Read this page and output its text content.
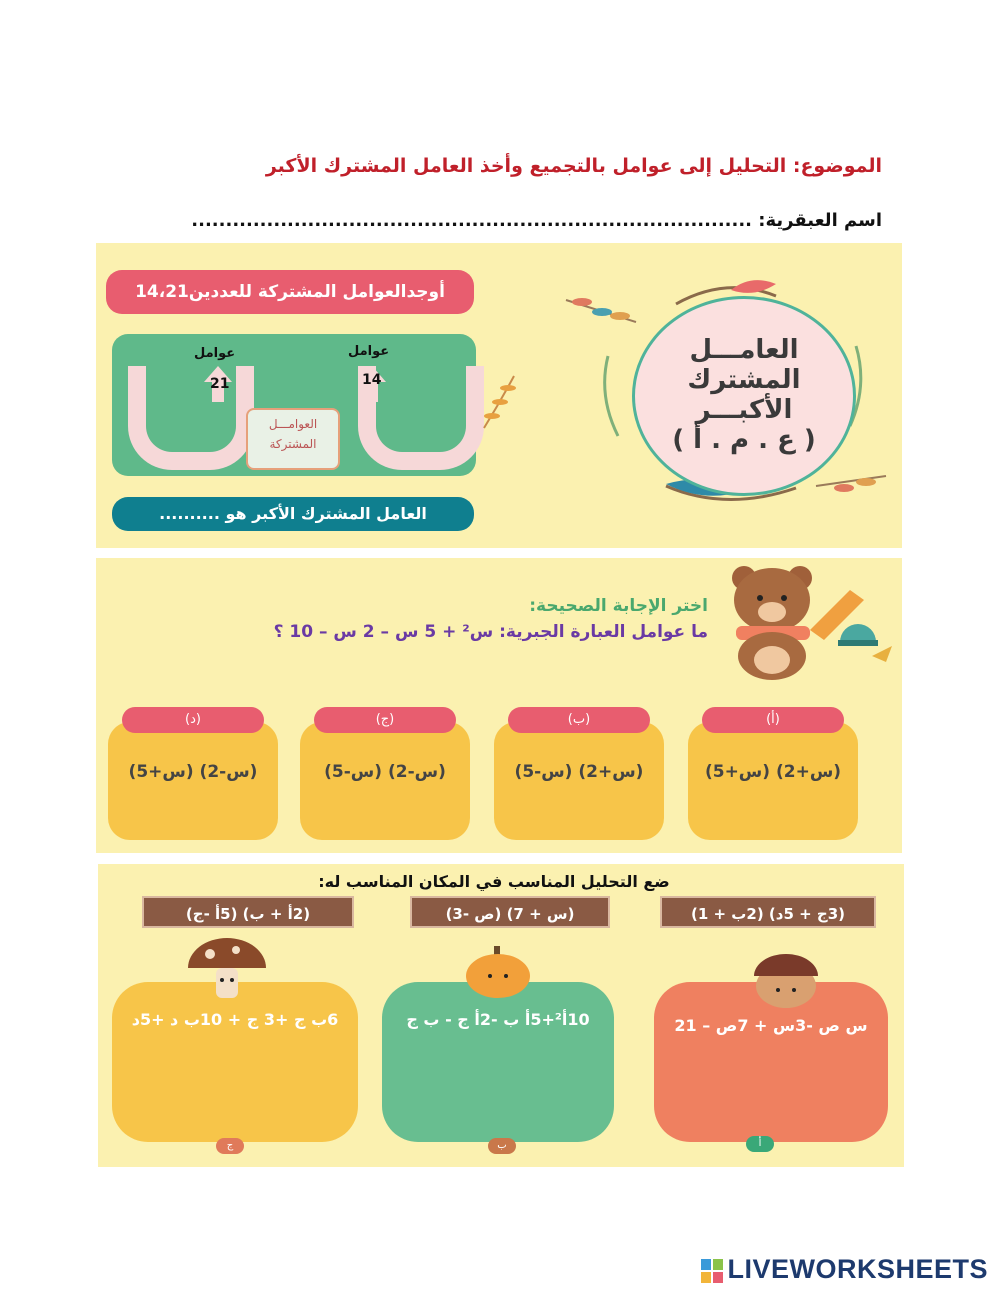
الموضوع: التحليل إلى عوامل بالتجميع وأخذ العامل المشترك الأكبر
اسم العبقرية: ..................................................................................
أوجدالعوامل المشتركة للعددين14،21
عوامل
14
عوامل
21
العوامـــل المشتركة
العامل المشترك الأكبر هو ..........
العامـــل
المشترك
الأكبـــر
( ع . م . أ )
اختر الإجابة الصحيحة:
ما عوامل العبارة الجبرية: س² + 5 س – 2 س – 10 ؟
(أ)
(س+2) (س+5)
(ب)
(س+2) (س-5)
(ج)
(س-2) (س-5)
(د)
(س-2) (س+5)
ضع التحليل المناسب في المكان المناسب له:
(3ج + 5د) (2ب + 1)
(س + 7) (ص -3)
(2أ + ب) (5أ -ج)
س ص -3س + 7ص – 21
أ
10أ²+5أ ب -2أ ج - ب ج
ب
6ب ج +3 ج + 10ب د +5د
ج
LIVEWORKSHEETS
